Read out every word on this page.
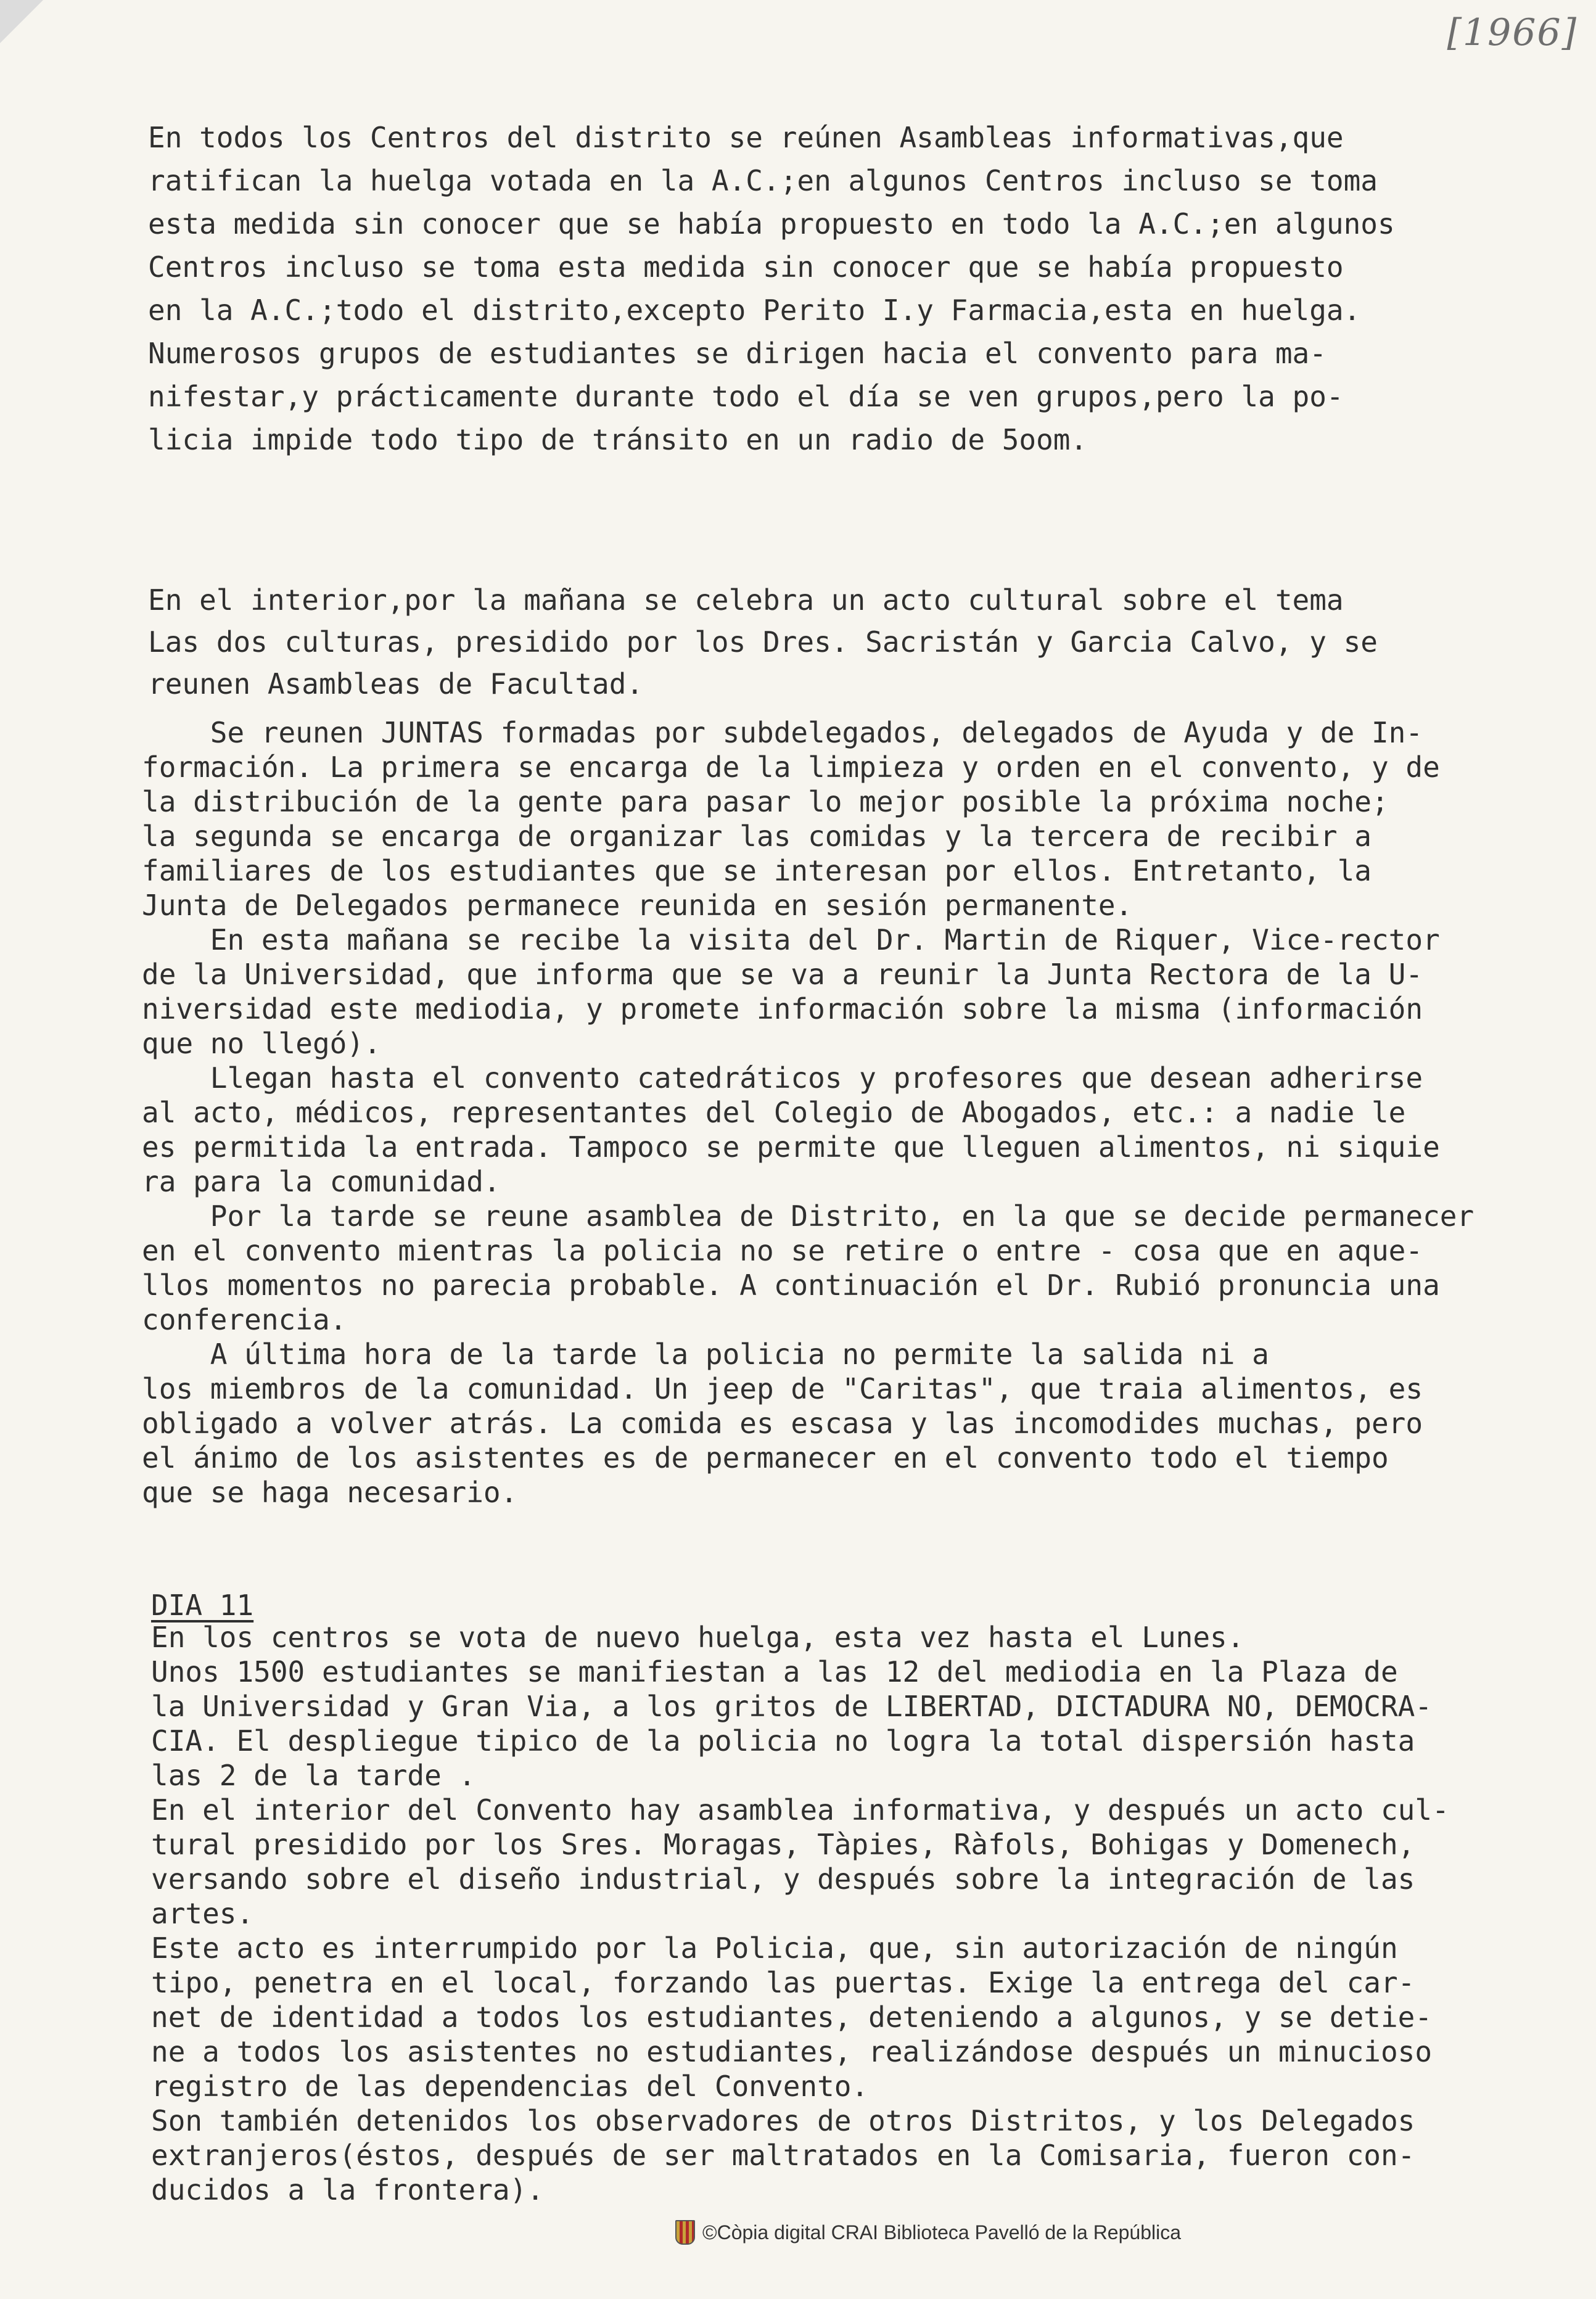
[1966]
En todos los Centros del distrito se reúnen Asambleas informativas,que
ratifican la huelga votada en la A.C.;en algunos Centros incluso se toma
esta medida sin conocer que se había propuesto en todo la A.C.;en algunos
Centros incluso se toma esta medida sin conocer que se había propuesto
en la A.C.;todo el distrito,excepto Perito I.y Farmacia,esta en huelga.
Numerosos grupos de estudiantes se dirigen hacia el convento para ma-
nifestar,y prácticamente durante todo el día se ven grupos,pero la po-
licia impide todo tipo de tránsito en un radio de 5oom.
En el interior,por la mañana se celebra un acto cultural sobre el tema
Las dos culturas, presidido por los Dres. Sacristán y Garcia Calvo, y se
reunen Asambleas de Facultad.
Se reunen JUNTAS formadas por subdelegados, delegados de Ayuda y de In-
formación. La primera se encarga de la limpieza y orden en el convento, y de
la distribución de la gente para pasar lo mejor posible la próxima noche;
la segunda se encarga de organizar las comidas y la tercera de recibir a
familiares de los estudiantes que se interesan por ellos. Entretanto, la
Junta de Delegados permanece reunida en sesión permanente.
En esta mañana se recibe la visita del Dr. Martin de Riquer, Vice-rector
de la Universidad, que informa que se va a reunir la Junta Rectora de la U-
niversidad este mediodia, y promete información sobre la misma (información
que no llegó).
Llegan hasta el convento catedráticos y profesores que desean adherirse
al acto, médicos, representantes del Colegio de Abogados, etc.: a nadie le
es permitida la entrada. Tampoco se permite que lleguen alimentos, ni siquie
ra para la comunidad.
Por la tarde se reune asamblea de Distrito, en la que se decide permanecer
en el convento mientras la policia no se retire o entre - cosa que en aque-
llos momentos no parecia probable. A continuación el Dr. Rubió pronuncia una
conferencia.
A última hora de la tarde la policia no permite la salida ni a
los miembros de la comunidad. Un jeep de "Caritas", que traia alimentos, es
obligado a volver atrás. La comida es escasa y las incomodides muchas, pero
el ánimo de los asistentes es de permanecer en el convento todo el tiempo
que se haga necesario.
DIA 11
En los centros se vota de nuevo huelga, esta vez hasta el Lunes.
Unos 1500 estudiantes se manifiestan a las 12 del mediodia en la Plaza de
la Universidad y Gran Via, a los gritos de LIBERTAD, DICTADURA NO, DEMOCRA-
CIA. El despliegue tipico de la policia no logra la total dispersión hasta
las 2 de la tarde .
En el interior del Convento hay asamblea informativa, y después un acto cul-
tural presidido por los Sres. Moragas, Tàpies, Ràfols, Bohigas y Domenech,
versando sobre el diseño industrial, y después sobre la integración de las
artes.
Este acto es interrumpido por la Policia, que, sin autorización de ningún
tipo, penetra en el local, forzando las puertas. Exige la entrega del car-
net de identidad a todos los estudiantes, deteniendo a algunos, y se detie-
ne a todos los asistentes no estudiantes, realizándose después un minucioso
registro de las dependencias del Convento.
Son también detenidos los observadores de otros Distritos, y los Delegados
extranjeros(éstos, después de ser maltratados en la Comisaria, fueron con-
ducidos a la frontera).
©Còpia digital CRAI Biblioteca Pavelló de la República
